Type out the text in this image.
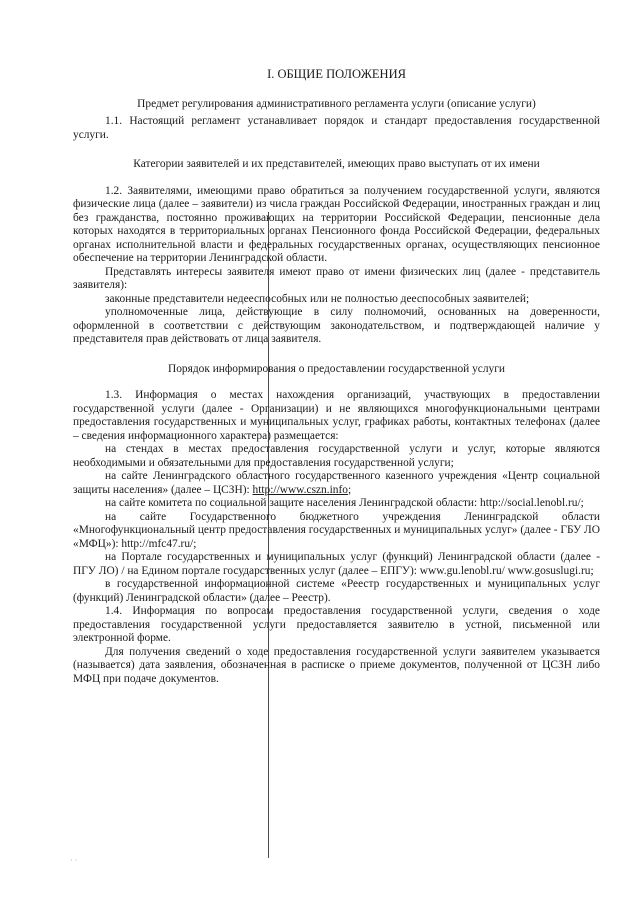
I. ОБЩИЕ ПОЛОЖЕНИЯ
Предмет регулирования административного регламента услуги (описание услуги)

1.1. Настоящий регламент устанавливает порядок и стандарт предоставления государственной услуги.

Категории заявителей и их представителей, имеющих право выступать от их имени

1.2. Заявителями, имеющими право обратиться за получением государственной услуги, являются физические лица (далее – заявители) из числа граждан Российской Федерации, иностранных граждан и лиц без гражданства, постоянно проживающих на территории Российской Федерации, пенсионные дела которых находятся в территориальных органах Пенсионного фонда Российской Федерации, федеральных органах исполнительной власти и федеральных государственных органах, осуществляющих пенсионное обеспечение на территории Ленинградской области.

Представлять интересы заявителя имеют право от имени физических лиц (далее - представитель заявителя):

законные представители недееспособных или не полностью дееспособных заявителей;

уполномоченные лица, действующие в силу полномочий, основанных на доверенности, оформленной в соответствии с действующим законодательством, и подтверждающей наличие у представителя прав действовать от лица заявителя.

Порядок информирования о предоставлении государственной услуги

1.3. Информация о местах нахождения организаций, участвующих в предоставлении государственной услуги (далее - Организации) и не являющихся многофункциональными центрами предоставления государственных и муниципальных услуг, графиках работы, контактных телефонах (далее – сведения информационного характера) размещается:

на стендах в местах предоставления государственной услуги и услуг, которые являются необходимыми и обязательными для предоставления государственной услуги;

на сайте Ленинградского областного государственного казенного учреждения «Центр социальной защиты населения» (далее – ЦСЗН): http://www.cszn.info;

на сайте комитета по социальной защите населения Ленинградской области: http://social.lenobl.ru/;

на сайте Государственного бюджетного учреждения Ленинградской области «Многофункциональный центр предоставления государственных и муниципальных услуг» (далее - ГБУ ЛО «МФЦ»): http://mfc47.ru/;

на Портале государственных и муниципальных услуг (функций) Ленинградской области (далее - ПГУ ЛО) / на Едином портале государственных услуг (далее – ЕПГУ): www.gu.lenobl.ru/ www.gosuslugi.ru;

в государственной информационной системе «Реестр государственных и муниципальных услуг (функций) Ленинградской области» (далее – Реестр).

1.4. Информация по вопросам предоставления государственной услуги, сведения о ходе предоставления государственной услуги предоставляется заявителю в устной, письменной или электронной форме.

Для получения сведений о ходе предоставления государственной услуги заявителем указывается (называется) дата заявления, обозначенная в расписке о приеме документов, полученной от ЦСЗН либо МФЦ при подаче документов.

· ·
